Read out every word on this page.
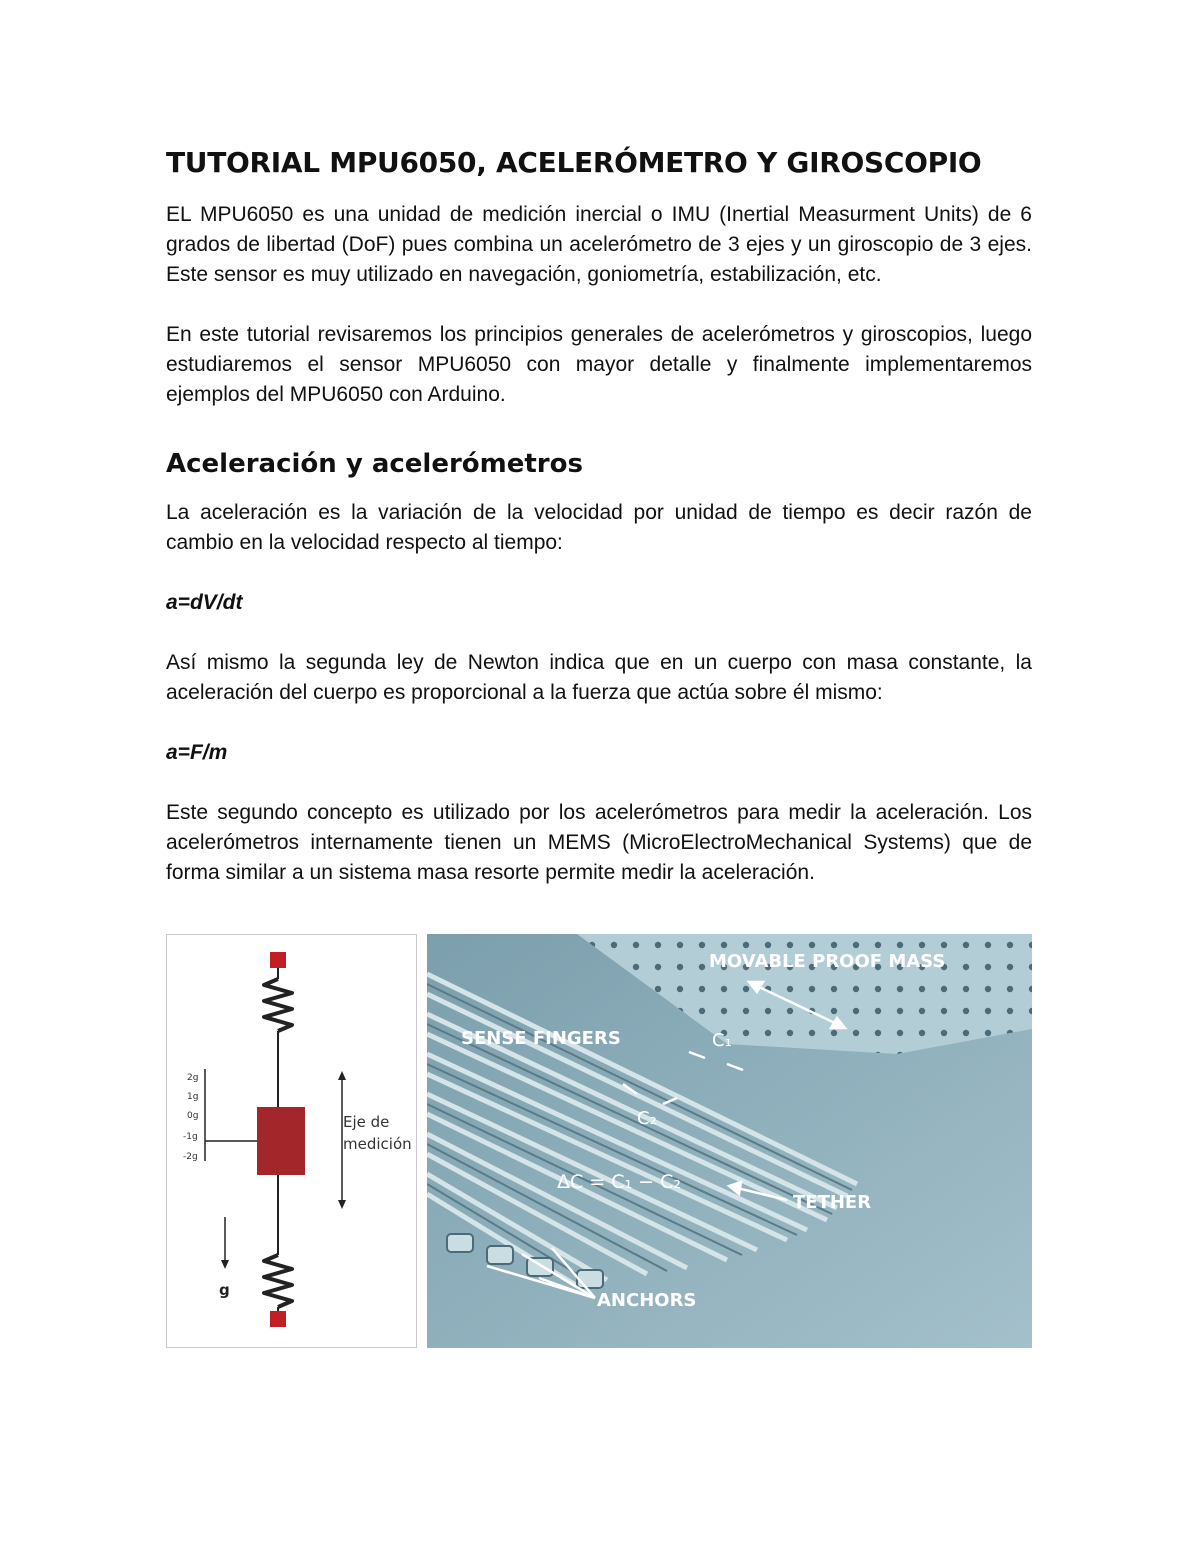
TUTORIAL MPU6050, ACELERÓMETRO Y GIROSCOPIO

EL MPU6050 es una unidad de medición inercial o IMU (Inertial Measurment Units) de 6 grados de libertad (DoF) pues combina un acelerómetro de 3 ejes y un giroscopio de 3 ejes. Este sensor es muy utilizado en navegación, goniometría, estabilización, etc.

En este tutorial revisaremos los principios generales de acelerómetros y giroscopios, luego estudiaremos el sensor MPU6050 con mayor detalle y finalmente implementaremos ejemplos del MPU6050 con Arduino.

Aceleración y acelerómetros

La aceleración es la variación de la velocidad por unidad de tiempo es decir razón de cambio en la velocidad respecto al tiempo:

a=dV/dt

Así mismo la segunda ley de Newton indica que en un cuerpo con masa constante, la aceleración del cuerpo es proporcional a la fuerza que actúa sobre él mismo:

a=F/m

Este segundo concepto es utilizado por los acelerómetros para medir la aceleración. Los acelerómetros internamente tienen un MEMS (MicroElectroMechanical Systems) que de forma similar a un sistema masa resorte permite medir la aceleración.

2g
1g
0g
-1g
-2g
Eje de
medición
g
MOVABLE PROOF MASS
SENSE FINGERS	C₁
C₂
ΔC = C₁ − C₂
TETHER
ANCHORS
